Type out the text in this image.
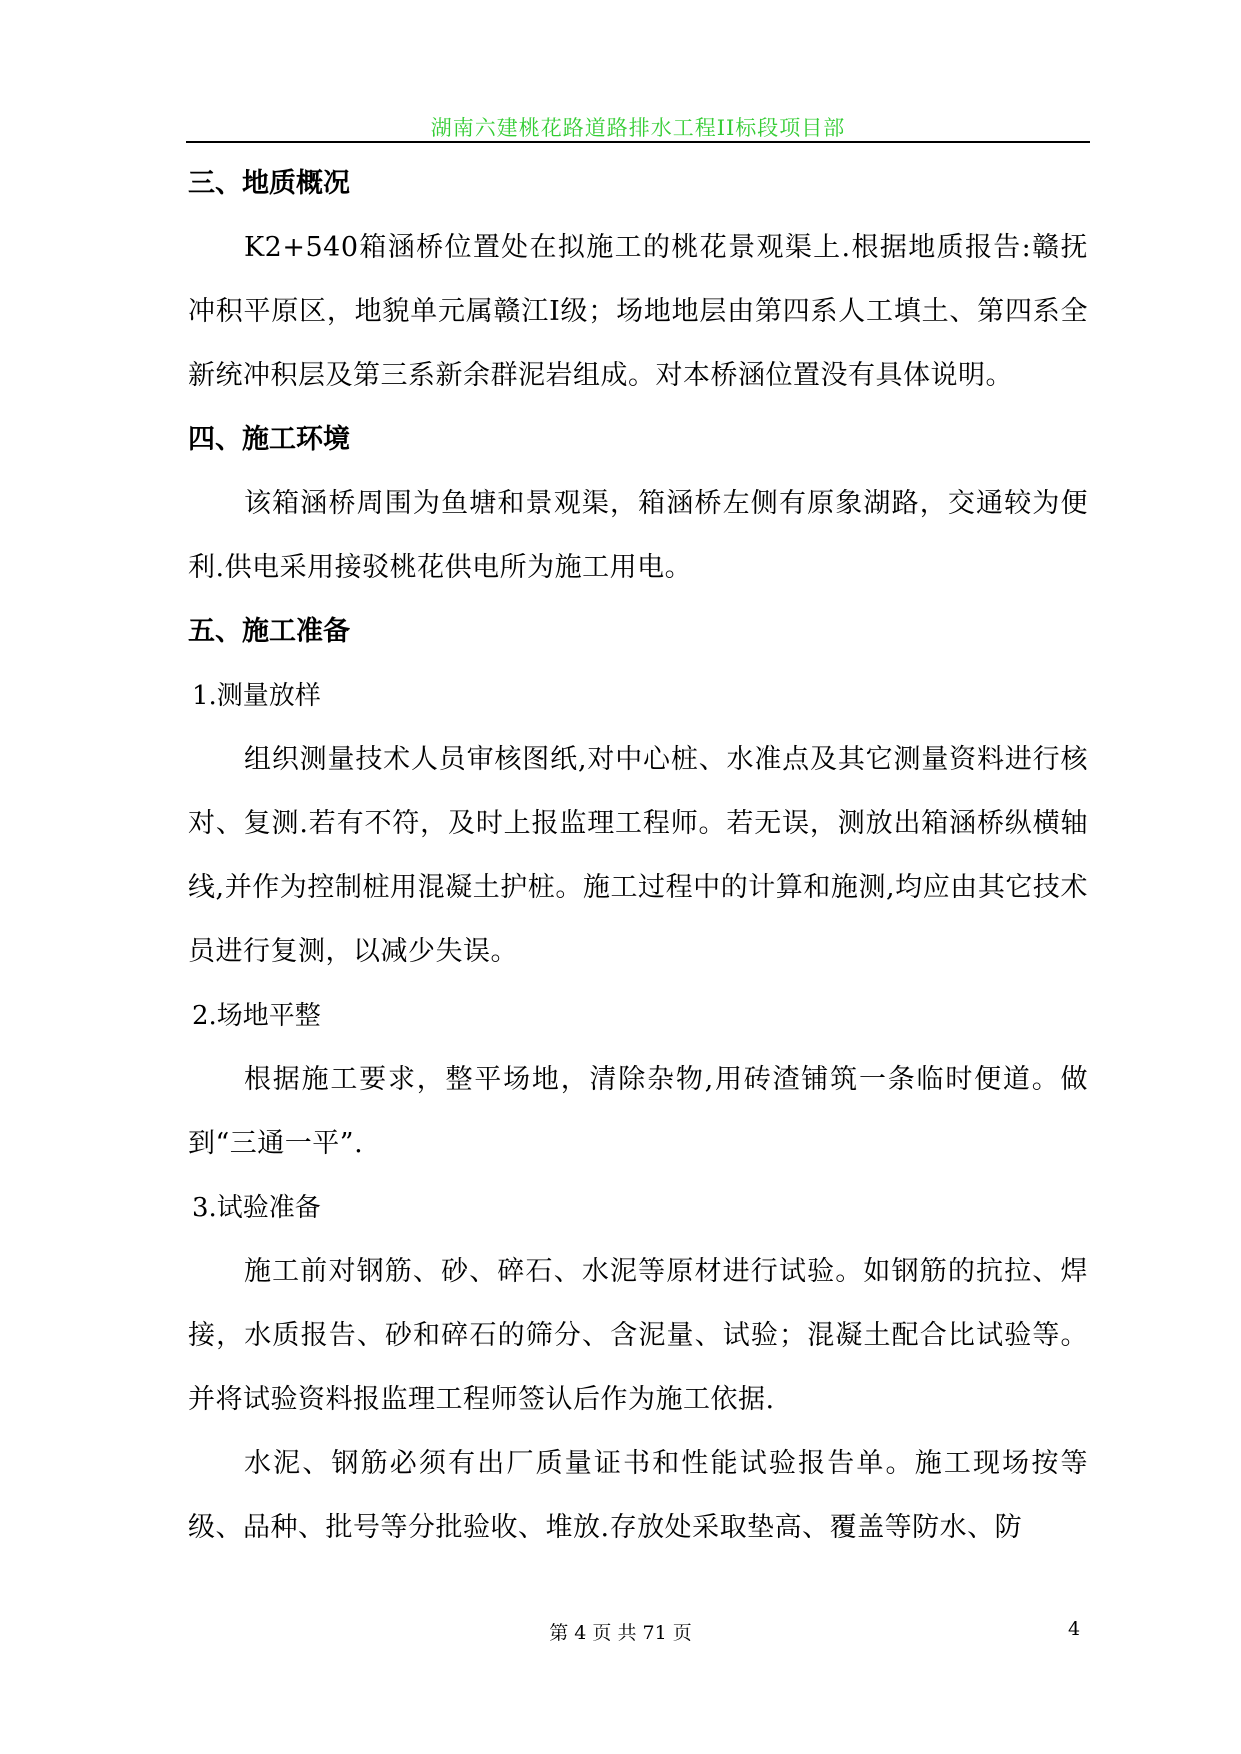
湖南六建桃花路道路排水工程II标段项目部
三、地质概况

K2+540箱涵桥位置处在拟施工的桃花景观渠上.根据地质报告:赣抚冲积平原区，地貌单元属赣江Ⅰ级；场地地层由第四系人工填土、第四系全新统冲积层及第三系新余群泥岩组成。对本桥涵位置没有具体说明。

四、施工环境

该箱涵桥周围为鱼塘和景观渠，箱涵桥左侧有原象湖路，交通较为便利.供电采用接驳桃花供电所为施工用电。

五、施工准备
1.测量放样

组织测量技术人员审核图纸,对中心桩、水准点及其它测量资料进行核对、复测.若有不符，及时上报监理工程师。若无误，测放出箱涵桥纵横轴线,并作为控制桩用混凝土护桩。施工过程中的计算和施测,均应由其它技术员进行复测，以减少失误。

2.场地平整

根据施工要求，整平场地，清除杂物,用砖渣铺筑一条临时便道。做到“三通一平”.

3.试验准备

施工前对钢筋、砂、碎石、水泥等原材进行试验。如钢筋的抗拉、焊接，水质报告、砂和碎石的筛分、含泥量、试验；混凝土配合比试验等。并将试验资料报监理工程师签认后作为施工依据.

水泥、钢筋必须有出厂质量证书和性能试验报告单。施工现场按等级、品种、批号等分批验收、堆放.存放处采取垫高、覆盖等防水、防

第 4 页 共 71 页	4
